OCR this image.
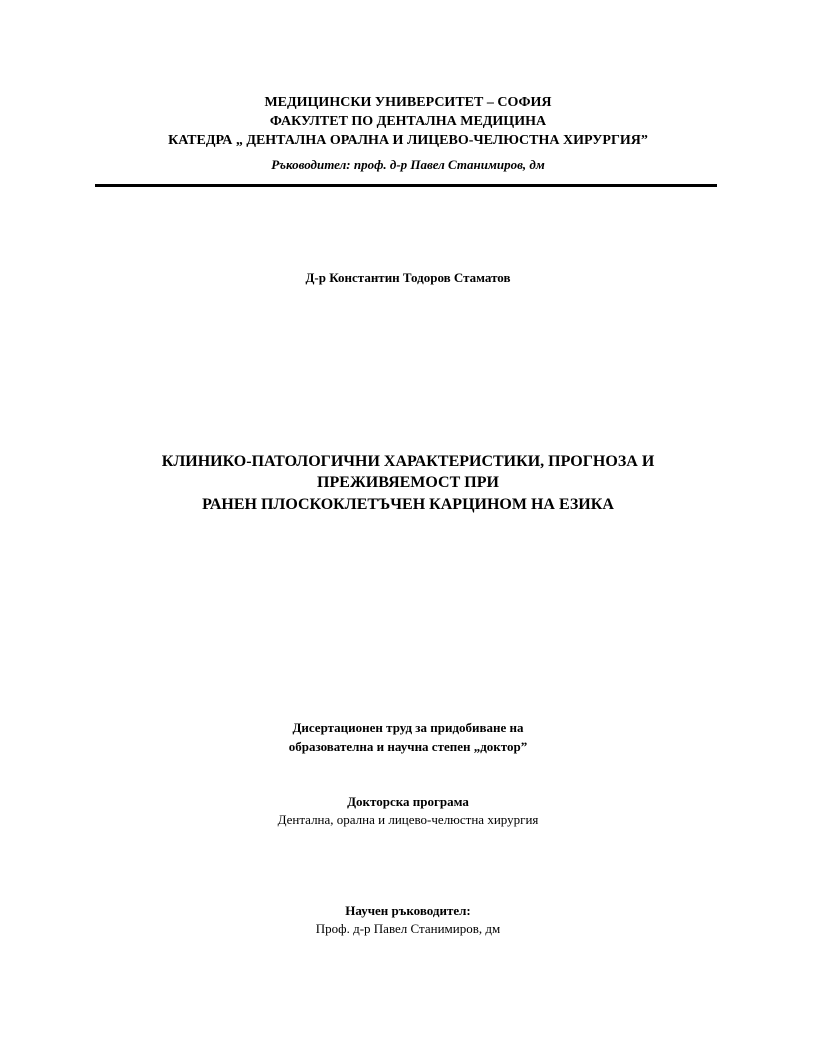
МЕДИЦИНСКИ УНИВЕРСИТЕТ – СОФИЯ
ФАКУЛТЕТ ПО ДЕНТАЛНА МЕДИЦИНА
КАТЕДРА „ ДЕНТАЛНА ОРАЛНА И ЛИЦЕВО-ЧЕЛЮСТНА ХИРУРГИЯ”
Ръководител: проф. д-р Павел Станимиров, дм
Д-р Константин Тодоров Стаматов
КЛИНИКО-ПАТОЛОГИЧНИ ХАРАКТЕРИСТИКИ, ПРОГНОЗА И
ПРЕЖИВЯЕМОСТ ПРИ
РАНЕН ПЛОСКОКЛЕТЪЧЕН КАРЦИНОМ НА ЕЗИКА
Дисертационен труд за придобиване на
образователна и научна степен „доктор”
Докторска програма
Дентална, орална и лицево-челюстна хирургия
Научен ръководител:
Проф. д-р Павел Станимиров, дм
